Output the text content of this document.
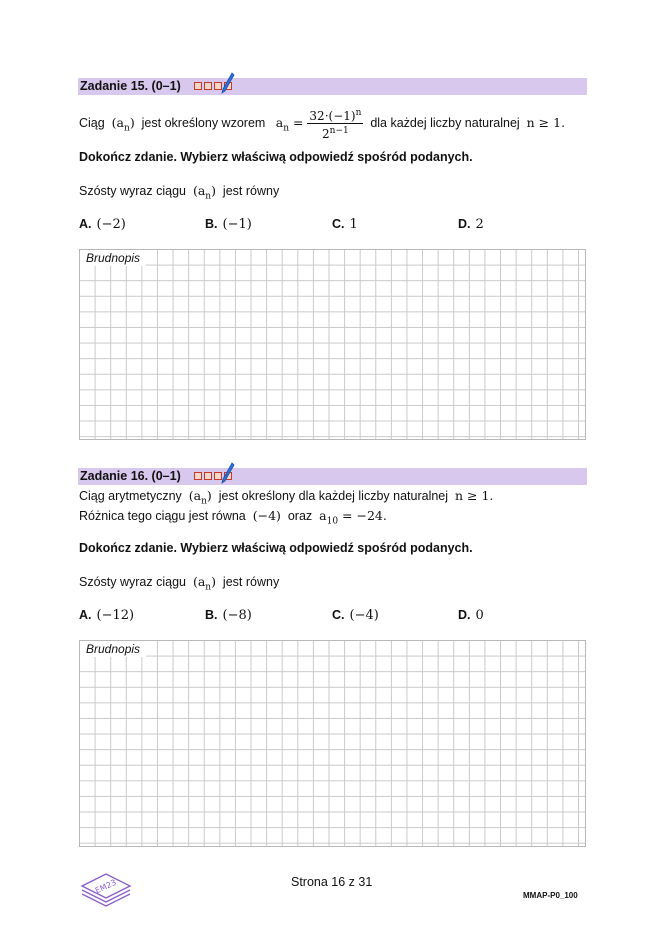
Zadanie 15. (0–1)
Ciąg $(a_n)$ jest określony wzorem $a_n = \frac{32\cdot(-1)^n}{2^{n-1}}$ dla każdej liczby naturalnej n ≥ 1.
Dokończ zdanie. Wybierz właściwą odpowiedź spośród podanych.
Szósty wyraz ciągu $(a_n)$ jest równy
A. (−2)	B. (−1)	C. 1	D. 2
Brudnopis
Zadanie 16. (0–1)
Ciąg arytmetyczny $(a_n)$ jest określony dla każdej liczby naturalnej n ≥ 1.
Różnica tego ciągu jest równa (−4) oraz $a_{10} = -24$.
Dokończ zdanie. Wybierz właściwą odpowiedź spośród podanych.
Szósty wyraz ciągu $(a_n)$ jest równy
A. (−12)	B. (−8)	C. (−4)	D. 0
Brudnopis
EM23	Strona 16 z 31
MMAP-P0_100
